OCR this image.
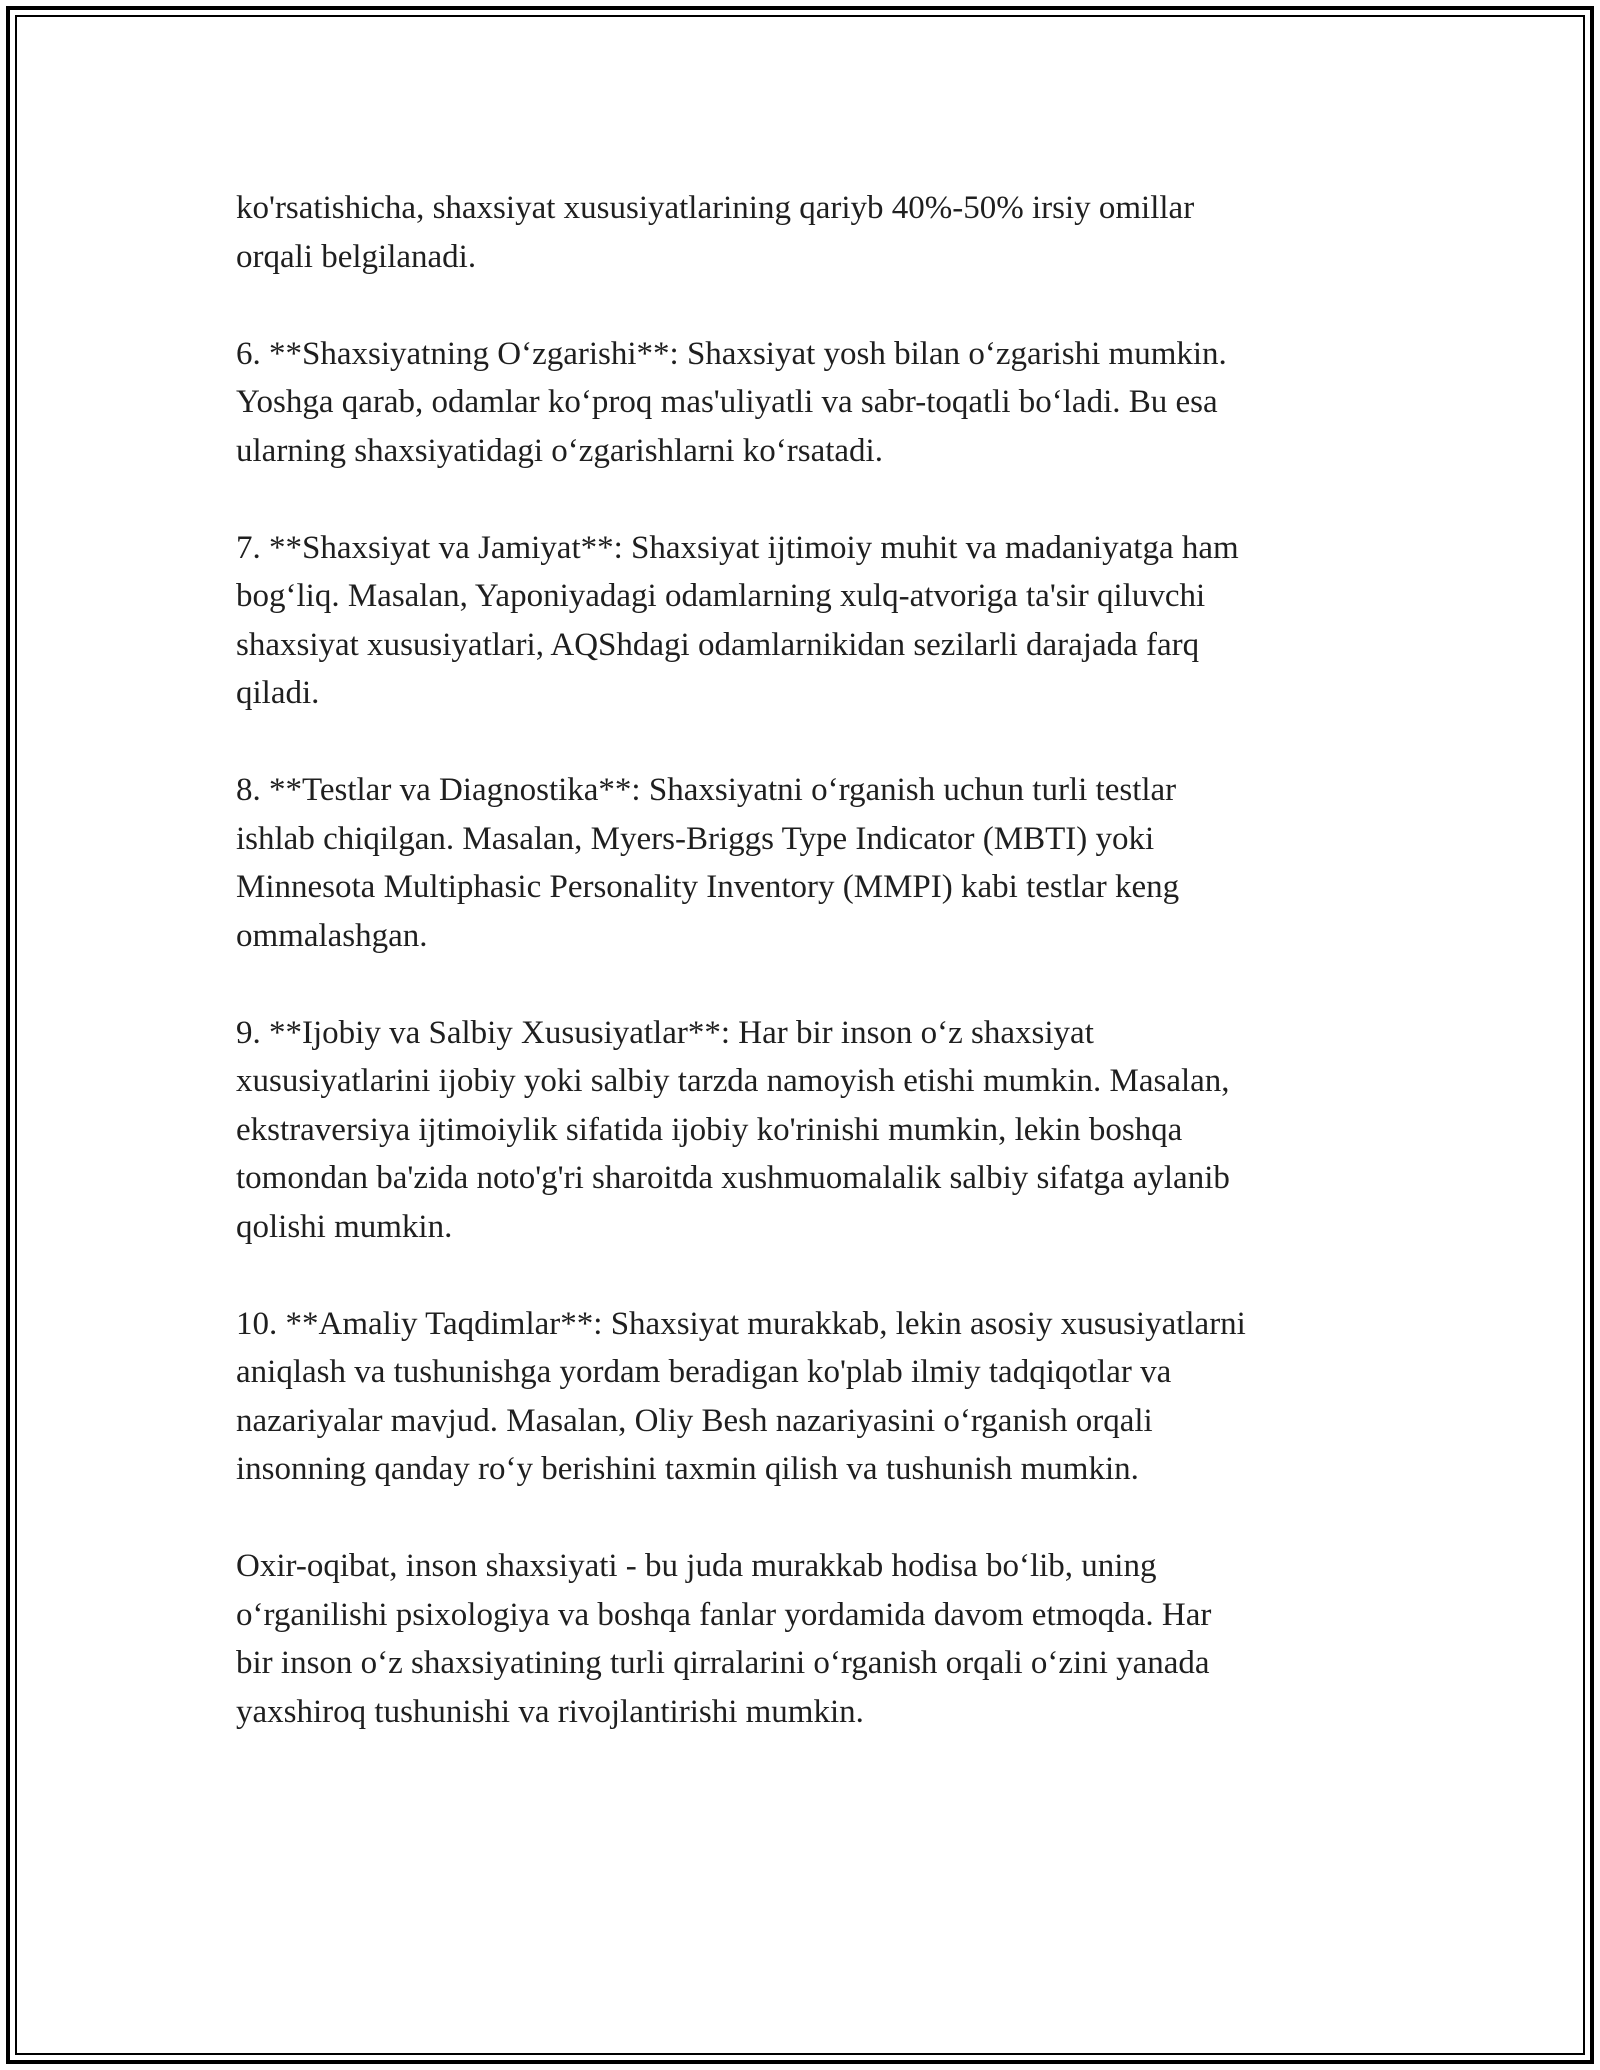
ko'rsatishicha, shaxsiyat xususiyatlarining qariyb 40%-50% irsiy omillar
orqali belgilanadi.

6. **Shaxsiyatning O‘zgarishi**: Shaxsiyat yosh bilan o‘zgarishi mumkin.
Yoshga qarab, odamlar ko‘proq mas'uliyatli va sabr-toqatli bo‘ladi. Bu esa
ularning shaxsiyatidagi o‘zgarishlarni ko‘rsatadi.

7. **Shaxsiyat va Jamiyat**: Shaxsiyat ijtimoiy muhit va madaniyatga ham
bog‘liq. Masalan, Yaponiyadagi odamlarning xulq-atvoriga ta'sir qiluvchi
shaxsiyat xususiyatlari, AQShdagi odamlarnikidan sezilarli darajada farq
qiladi.

8. **Testlar va Diagnostika**: Shaxsiyatni o‘rganish uchun turli testlar
ishlab chiqilgan. Masalan, Myers-Briggs Type Indicator (MBTI) yoki
Minnesota Multiphasic Personality Inventory (MMPI) kabi testlar keng
ommalashgan.

9. **Ijobiy va Salbiy Xususiyatlar**: Har bir inson o‘z shaxsiyat
xususiyatlarini ijobiy yoki salbiy tarzda namoyish etishi mumkin. Masalan,
ekstraversiya ijtimoiylik sifatida ijobiy ko'rinishi mumkin, lekin boshqa
tomondan ba'zida noto'g'ri sharoitda xushmuomalalik salbiy sifatga aylanib
qolishi mumkin.

10. **Amaliy Taqdimlar**: Shaxsiyat murakkab, lekin asosiy xususiyatlarni
aniqlash va tushunishga yordam beradigan ko'plab ilmiy tadqiqotlar va
nazariyalar mavjud. Masalan, Oliy Besh nazariyasini o‘rganish orqali
insonning qanday ro‘y berishini taxmin qilish va tushunish mumkin.

Oxir-oqibat, inson shaxsiyati - bu juda murakkab hodisa bo‘lib, uning
o‘rganilishi psixologiya va boshqa fanlar yordamida davom etmoqda. Har
bir inson o‘z shaxsiyatining turli qirralarini o‘rganish orqali o‘zini yanada
yaxshiroq tushunishi va rivojlantirishi mumkin.
